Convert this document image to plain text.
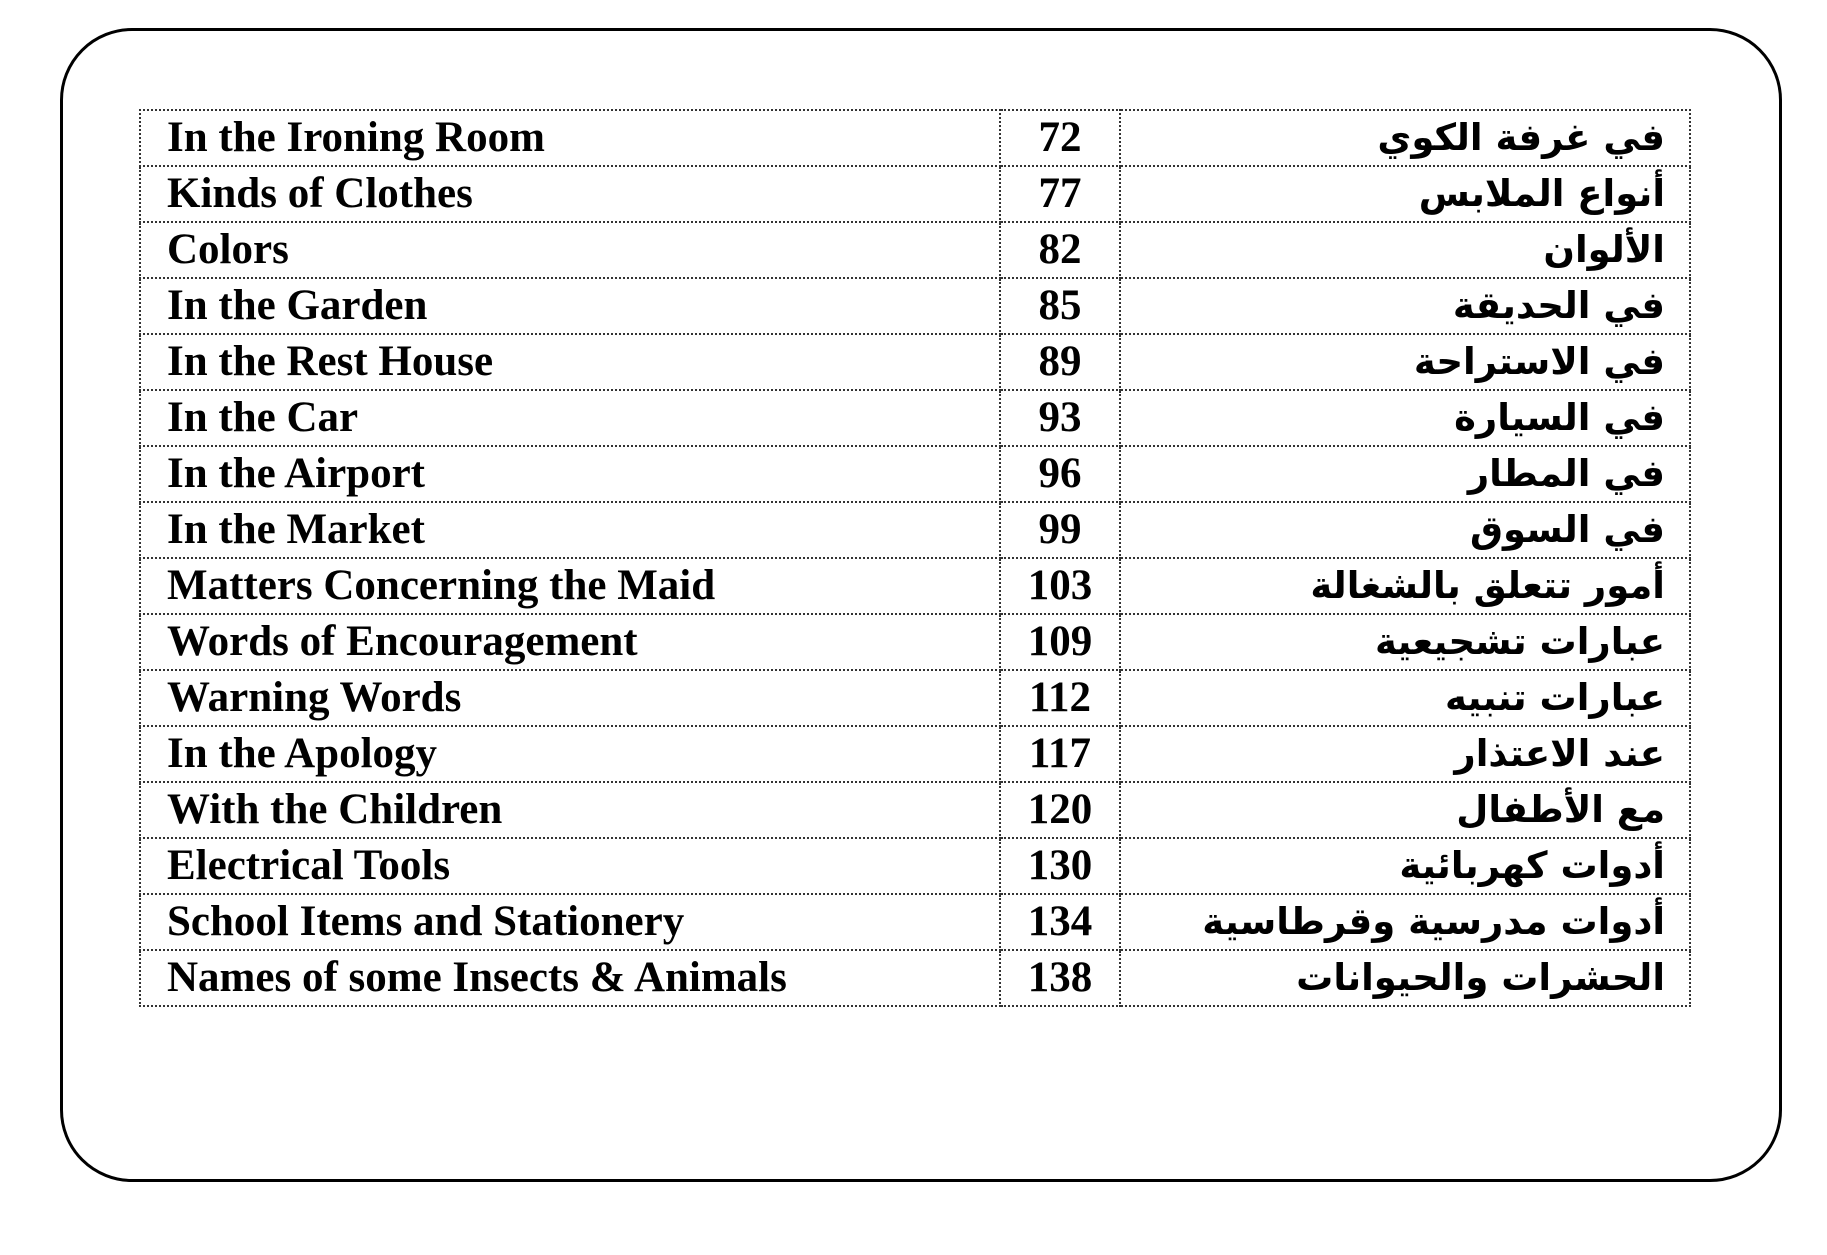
In the Ironing Room	72	في غرفة الكوي
Kinds of Clothes	77	أنواع الملابس
Colors	82	الألوان
In the Garden	85	في الحديقة
In the Rest House	89	في الاستراحة
In the Car	93	في السيارة
In the Airport	96	في المطار
In the Market	99	في السوق
Matters Concerning the Maid	103	أمور تتعلق بالشغالة
Words of Encouragement	109	عبارات تشجيعية
Warning Words	112	عبارات تنبيه
In the Apology	117	عند الاعتذار
With the Children	120	مع الأطفال
Electrical Tools	130	أدوات كهربائية
School Items and Stationery	134	أدوات مدرسية وقرطاسية
Names of some Insects & Animals	138	الحشرات والحيوانات
